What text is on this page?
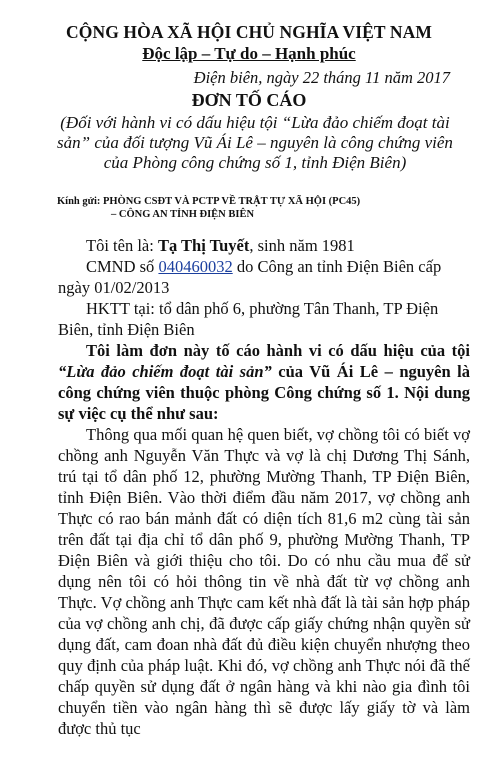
CỘNG HÒA XÃ HỘI CHỦ NGHĨA VIỆT NAM
Độc lập – Tự do – Hạnh phúc
Điện biên, ngày 22 tháng 11 năm 2017
ĐƠN TỐ CÁO
(Đối với hành vi có dấu hiệu tội “Lừa đảo chiếm đoạt tài sản” của đối tượng Vũ Ái Lê – nguyên là công chứng viên của Phòng công chứng số 1, tỉnh Điện Biên)
Kính gửi: PHÒNG CSĐT VÀ PCTP VỀ TRẬT TỰ XÃ HỘI (PC45)
– CÔNG AN TỈNH ĐIỆN BIÊN

Tôi tên là: Tạ Thị Tuyết, sinh năm 1981

CMND số 040460032 do Công an tỉnh Điện Biên cấp ngày 01/02/2013

HKTT tại: tổ dân phố 6, phường Tân Thanh, TP Điện Biên, tỉnh Điện Biên

Tôi làm đơn này tố cáo hành vi có dấu hiệu của tội “Lừa đảo chiếm đoạt tài sản” của Vũ Ái Lê – nguyên là công chứng viên thuộc phòng Công chứng số 1. Nội dung sự việc cụ thể như sau:

Thông qua mối quan hệ quen biết, vợ chồng tôi có biết vợ chồng anh Nguyễn Văn Thực và vợ là chị Dương Thị Sánh, trú tại tổ dân phố 12, phường Mường Thanh, TP Điện Biên, tỉnh Điện Biên. Vào thời điểm đầu năm 2017, vợ chồng anh Thực có rao bán mảnh đất có diện tích 81,6 m2 cùng tài sản trên đất tại địa chỉ tổ dân phố 9, phường Mường Thanh, TP Điện Biên và giới thiệu cho tôi. Do có nhu cầu mua để sử dụng nên tôi có hỏi thông tin về nhà đất từ vợ chồng anh Thực. Vợ chồng anh Thực cam kết nhà đất là tài sản hợp pháp của vợ chồng anh chị, đã được cấp giấy chứng nhận quyền sử dụng đất, cam đoan nhà đất đủ điều kiện chuyển nhượng theo quy định của pháp luật. Khi đó, vợ chồng anh Thực nói đã thế chấp quyền sử dụng đất ở ngân hàng và khi nào gia đình tôi chuyển tiền vào ngân hàng thì sẽ được lấy giấy tờ và làm được thủ tục
